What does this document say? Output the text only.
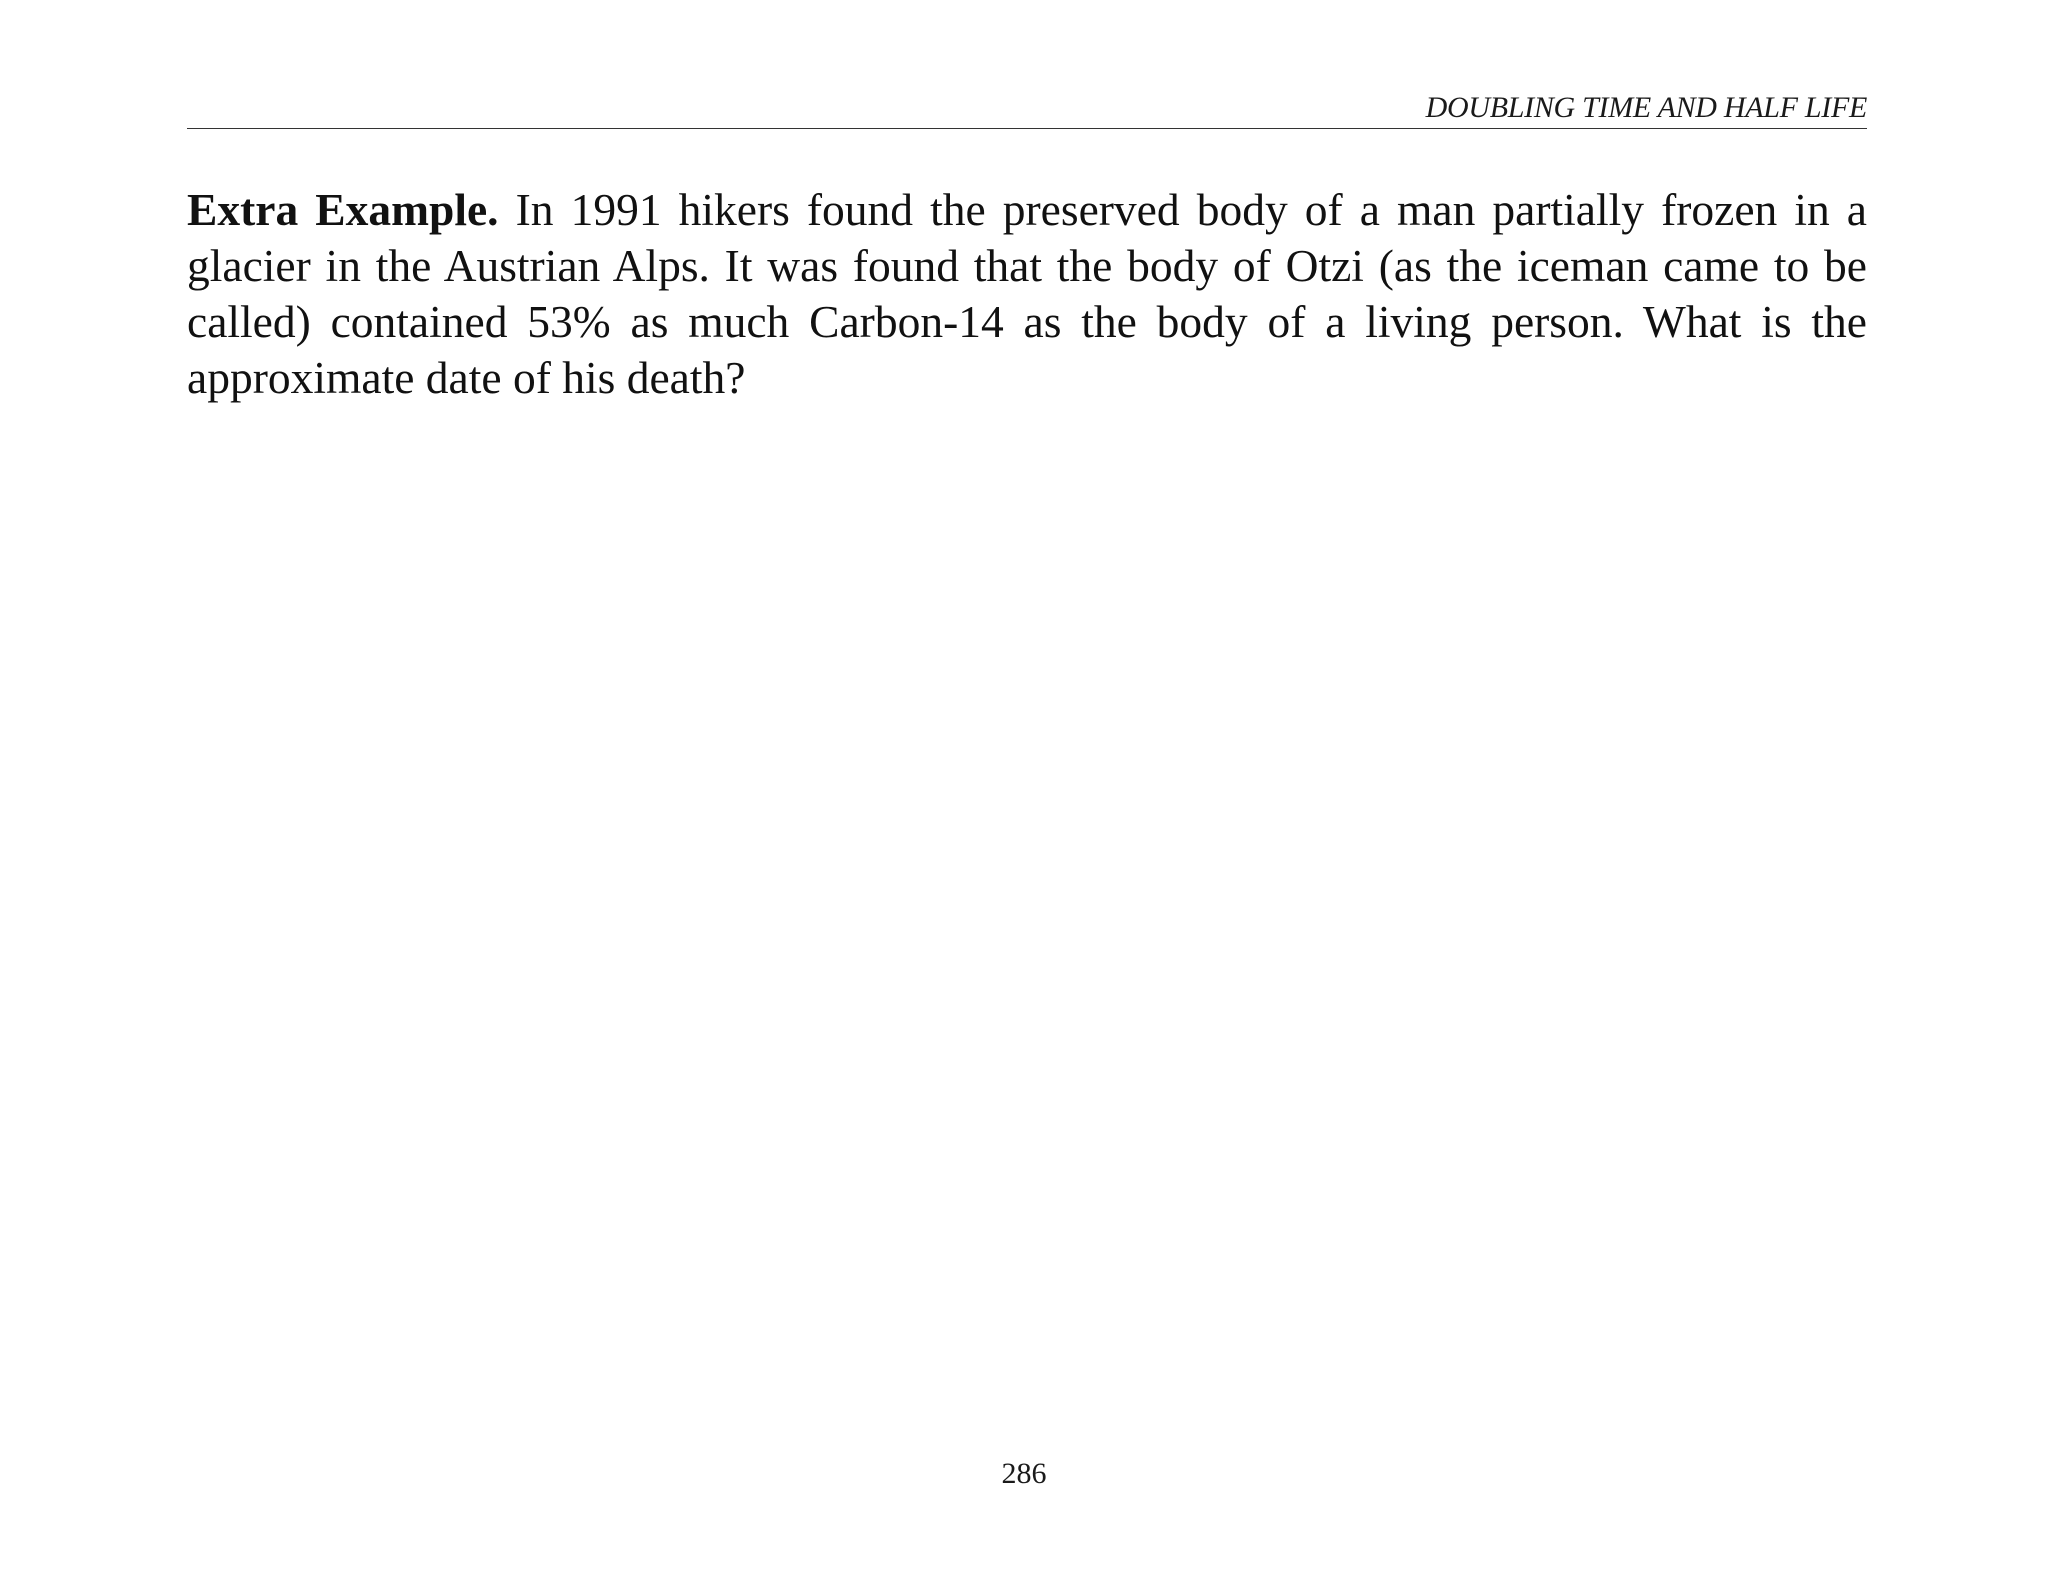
DOUBLING TIME AND HALF LIFE

Extra Example. In 1991 hikers found the preserved body of a man partially frozen in a glacier in the Austrian Alps. It was found that the body of Otzi (as the iceman came to be called) contained 53% as much Carbon-14 as the body of a living person. What is the approximate date of his death?

286
